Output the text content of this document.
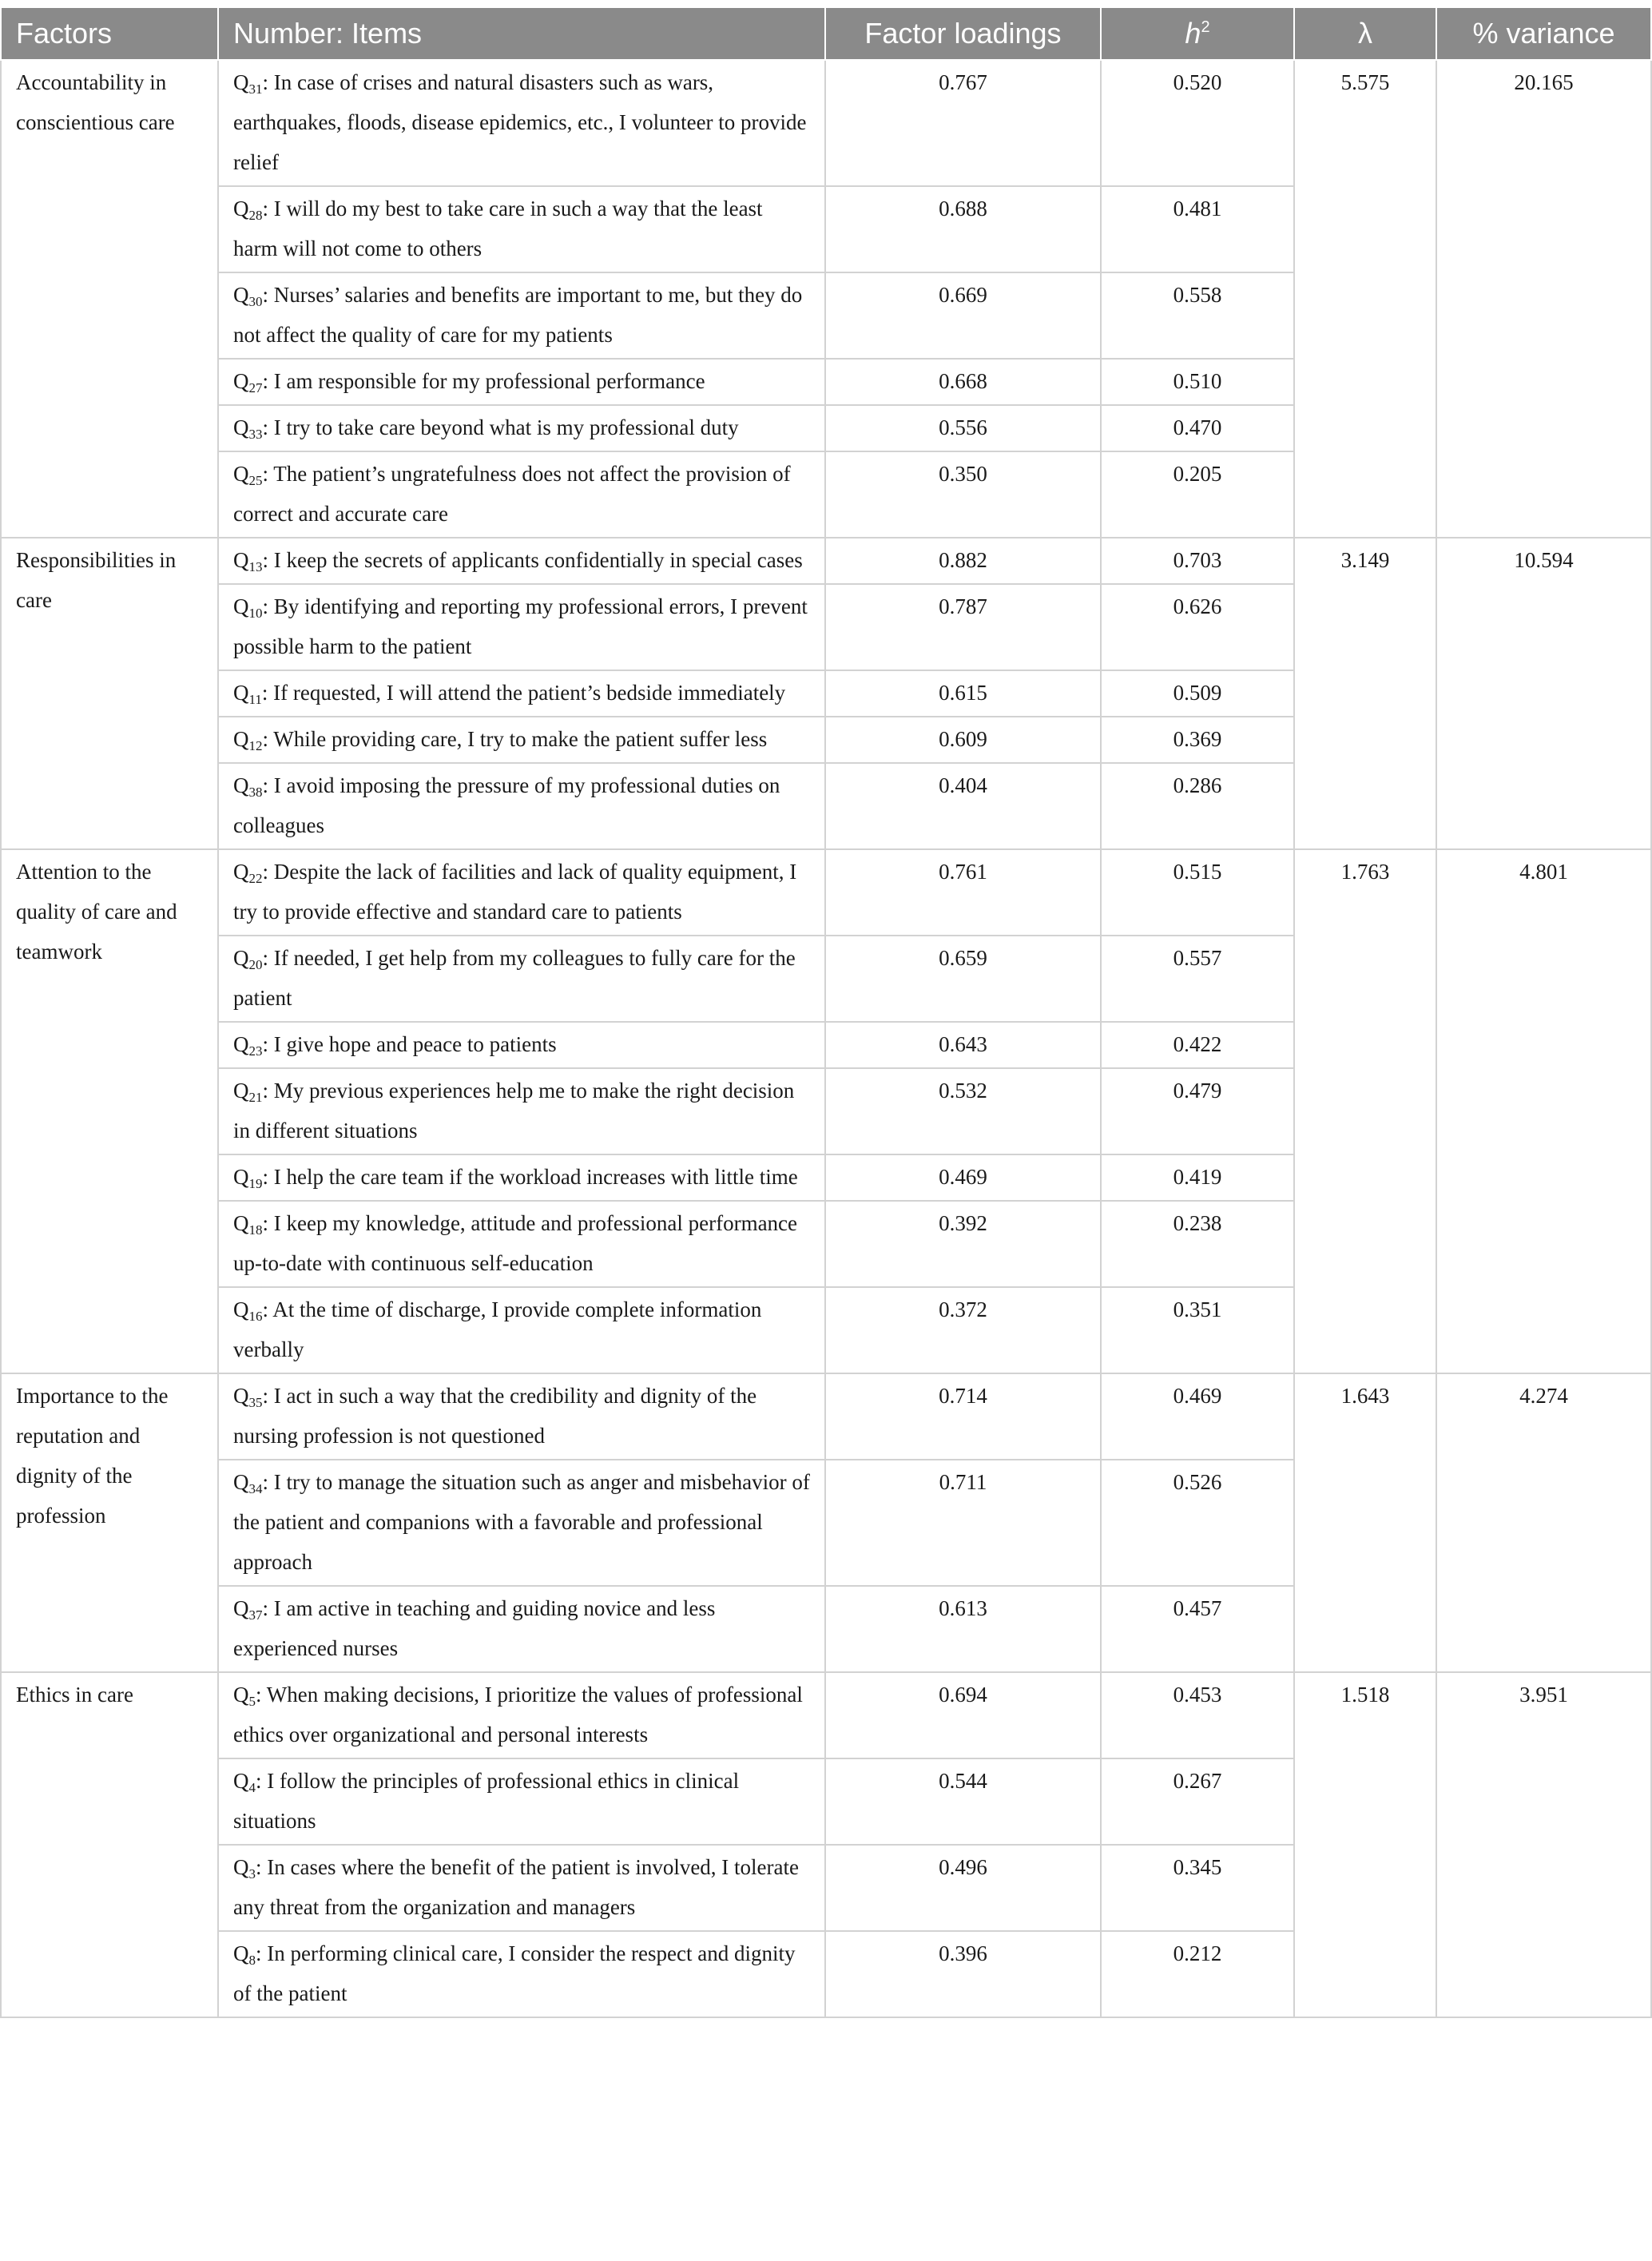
Factors	Number: Items	Factor loadings	$h^2$	λ	% variance
Accountability in conscientious care	$Q_{31}$: In case of crises and natural disasters such as wars, earthquakes, floods, disease epidemics, etc., I volunteer to provide relief	0.767	0.520	5.575	20.165
	$Q_{28}$: I will do my best to take care in such a way that the least harm will not come to others	0.688	0.481		
	$Q_{30}$: Nurses’ salaries and benefits are important to me, but they do not affect the quality of care for my patients	0.669	0.558		
	$Q_{27}$: I am responsible for my professional performance	0.668	0.510		
	$Q_{33}$: I try to take care beyond what is my professional duty	0.556	0.470		
	$Q_{25}$: The patient’s ungratefulness does not affect the provision of correct and accurate care	0.350	0.205		
Responsibilities in care	$Q_{13}$: I keep the secrets of applicants confidentially in special cases	0.882	0.703	3.149	10.594
	$Q_{10}$: By identifying and reporting my professional errors, I prevent possible harm to the patient	0.787	0.626		
	$Q_{11}$: If requested, I will attend the patient’s bedside immediately	0.615	0.509		
	$Q_{12}$: While providing care, I try to make the patient suffer less	0.609	0.369		
	$Q_{38}$: I avoid imposing the pressure of my professional duties on colleagues	0.404	0.286		
Attention to the quality of care and teamwork	$Q_{22}$: Despite the lack of facilities and lack of quality equipment, I try to provide effective and standard care to patients	0.761	0.515	1.763	4.801
	$Q_{20}$: If needed, I get help from my colleagues to fully care for the patient	0.659	0.557		
	$Q_{23}$: I give hope and peace to patients	0.643	0.422		
	$Q_{21}$: My previous experiences help me to make the right decision in different situations	0.532	0.479		
	$Q_{19}$: I help the care team if the workload increases with little time	0.469	0.419		
	$Q_{18}$: I keep my knowledge, attitude and professional performance up-to-date with continuous self-education	0.392	0.238		
	$Q_{16}$: At the time of discharge, I provide complete information verbally	0.372	0.351		
Importance to the reputation and dignity of the profession	$Q_{35}$: I act in such a way that the credibility and dignity of the nursing profession is not questioned	0.714	0.469	1.643	4.274
	$Q_{34}$: I try to manage the situation such as anger and misbehavior of the patient and companions with a favorable and professional approach	0.711	0.526		
	$Q_{37}$: I am active in teaching and guiding novice and less experienced nurses	0.613	0.457		
Ethics in care	$Q_5$: When making decisions, I prioritize the values of professional ethics over organizational and personal interests	0.694	0.453	1.518	3.951
	$Q_4$: I follow the principles of professional ethics in clinical situations	0.544	0.267		
	$Q_3$: In cases where the benefit of the patient is involved, I tolerate any threat from the organization and managers	0.496	0.345		
	$Q_8$: In performing clinical care, I consider the respect and dignity of the patient	0.396	0.212		
